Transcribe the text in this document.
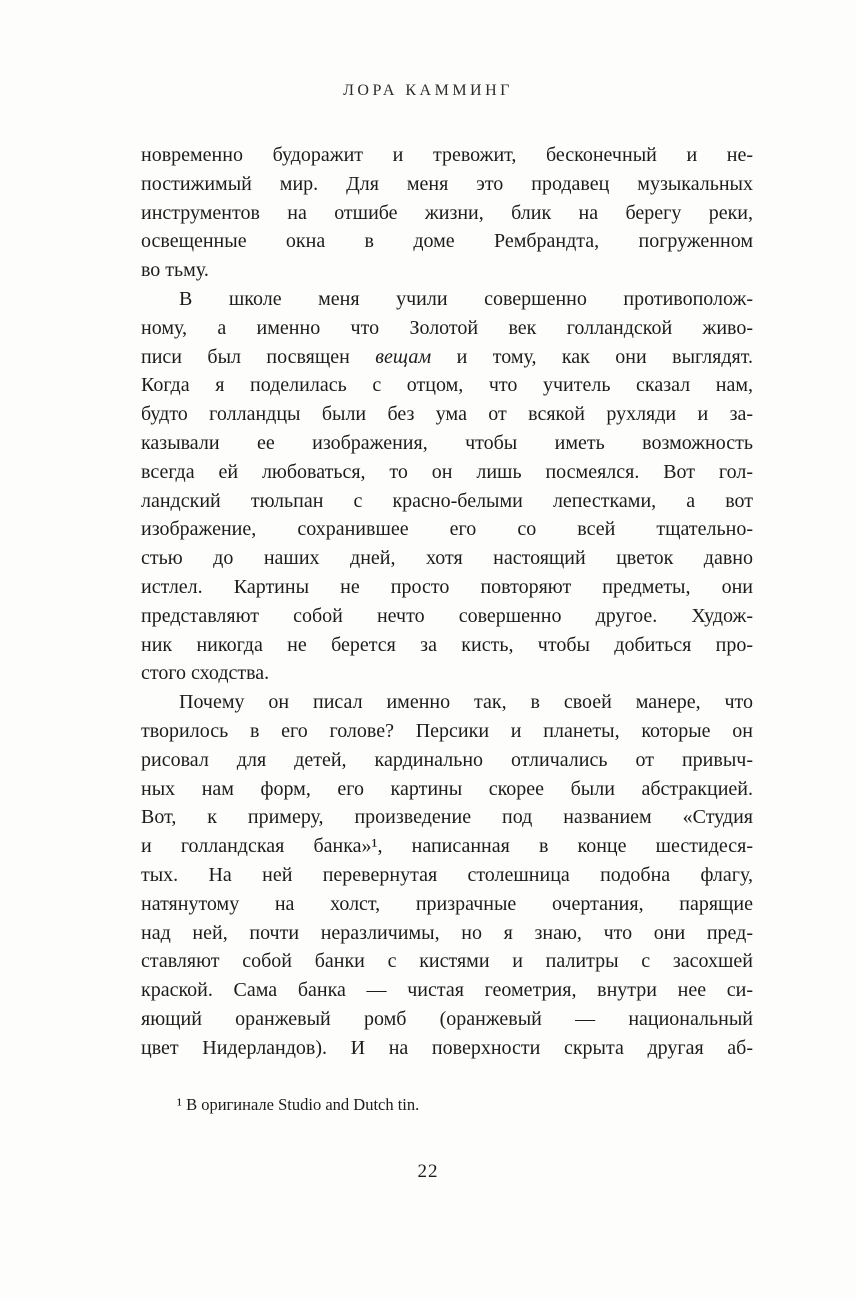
ЛОРА КАММИНГ
новременно будоражит и тревожит, бесконечный и не-
постижимый мир. Для меня это продавец музыкальных
инструментов на отшибе жизни, блик на берегу реки,
освещенные окна в доме Рембрандта, погруженном
во тьму.
В школе меня учили совершенно противополож-
ному, а именно что Золотой век голландской живо-
писи был посвящен вещам и тому, как они выглядят.
Когда я поделилась с отцом, что учитель сказал нам,
будто голландцы были без ума от всякой рухляди и за-
казывали ее изображения, чтобы иметь возможность
всегда ей любоваться, то он лишь посмеялся. Вот гол-
ландский тюльпан с красно-белыми лепестками, а вот
изображение, сохранившее его со всей тщательно-
стью до наших дней, хотя настоящий цветок давно
истлел. Картины не просто повторяют предметы, они
представляют собой нечто совершенно другое. Худож-
ник никогда не берется за кисть, чтобы добиться про-
стого сходства.
Почему он писал именно так, в своей манере, что
творилось в его голове? Персики и планеты, которые он
рисовал для детей, кардинально отличались от привыч-
ных нам форм, его картины скорее были абстракцией.
Вот, к примеру, произведение под названием «Студия
и голландская банка»¹, написанная в конце шестидеся-
тых. На ней перевернутая столешница подобна флагу,
натянутому на холст, призрачные очертания, парящие
над ней, почти неразличимы, но я знаю, что они пред-
ставляют собой банки с кистями и палитры с засохшей
краской. Сама банка — чистая геометрия, внутри нее си-
яющий оранжевый ромб (оранжевый — национальный
цвет Нидерландов). И на поверхности скрыта другая аб-
¹ В оригинале Studio and Dutch tin.
22
